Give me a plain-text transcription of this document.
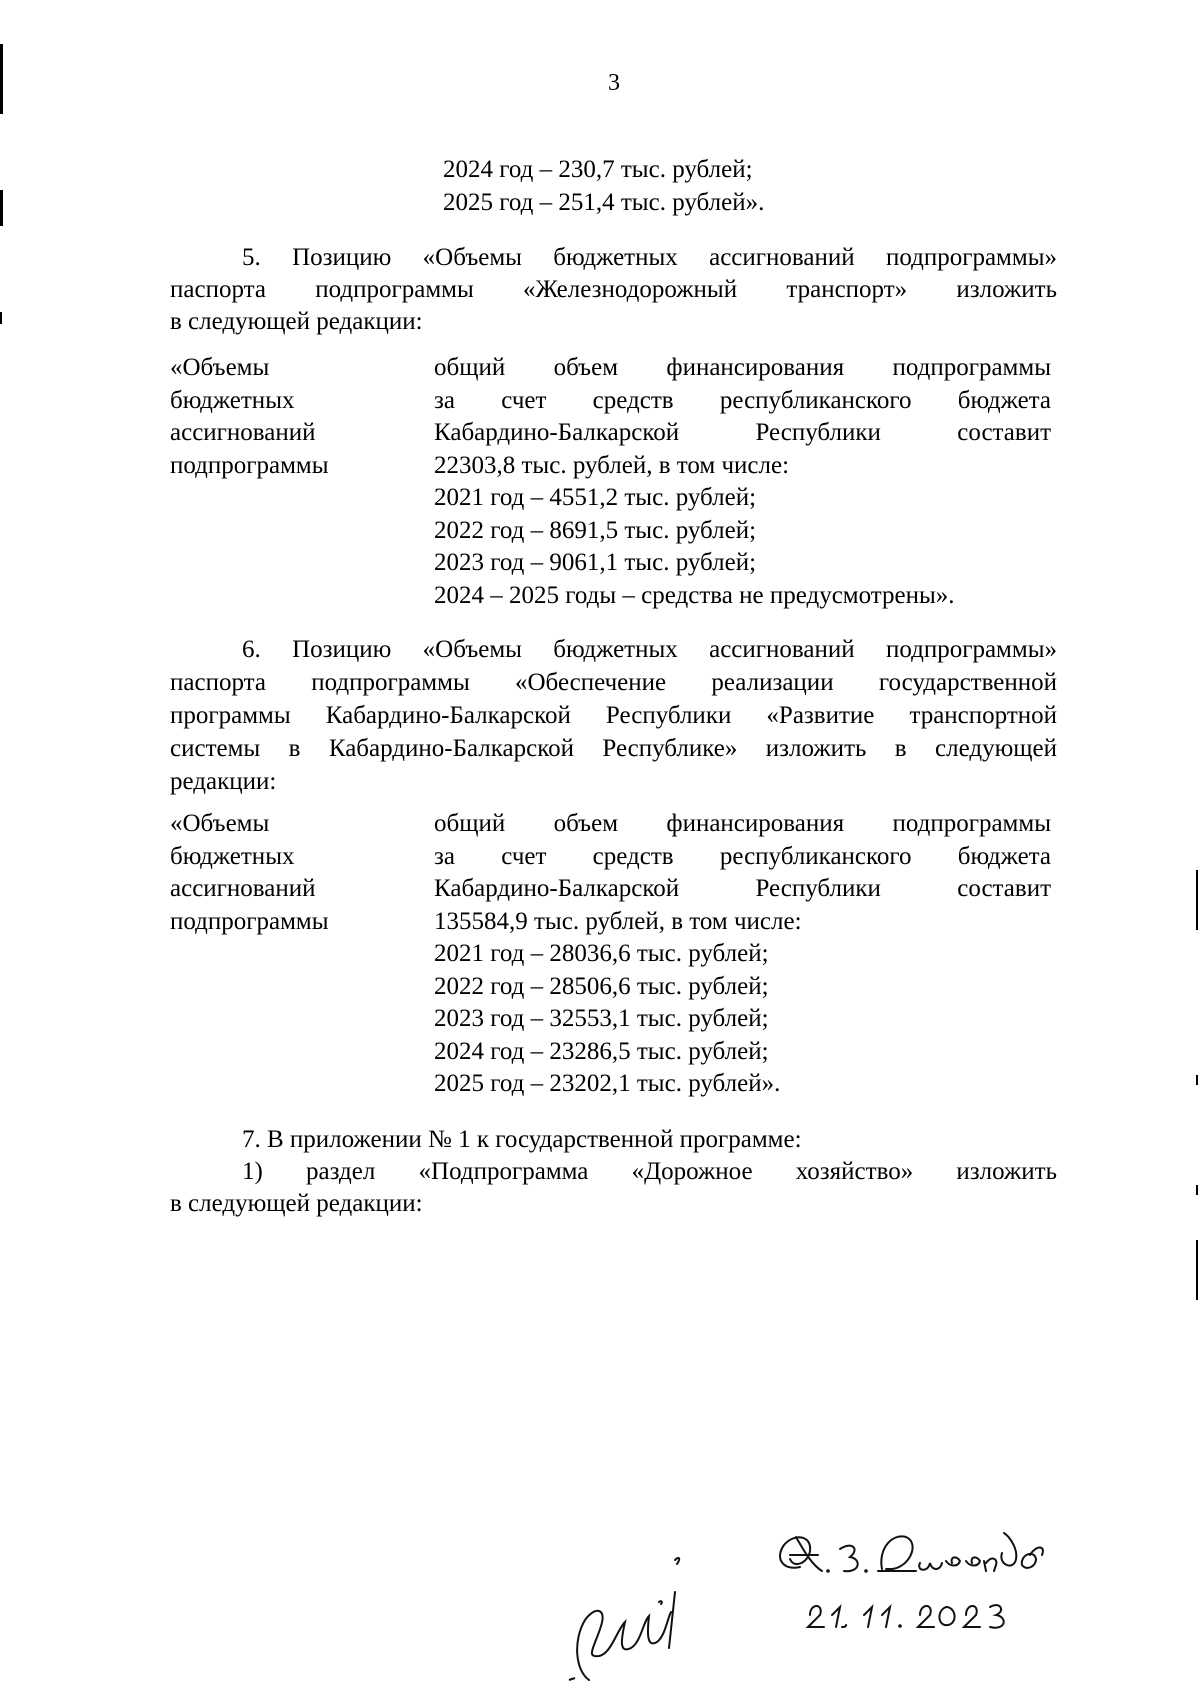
3
2024 год – 230,7 тыс. рублей;
2025 год – 251,4 тыс. рублей».
5. Позицию «Объемы бюджетных ассигнований подпрограммы»
паспорта подпрограммы «Железнодорожный транспорт» изложить
в следующей редакции:
«Объемы
бюджетных
ассигнований
подпрограммы
общий объем финансирования подпрограммы
за счет средств республиканского бюджета
Кабардино-Балкарской Республики составит
22303,8 тыс. рублей, в том числе:
2021 год – 4551,2 тыс. рублей;
2022 год – 8691,5 тыс. рублей;
2023 год – 9061,1 тыс. рублей;
2024 – 2025 годы – средства не предусмотрены».
6. Позицию «Объемы бюджетных ассигнований подпрограммы»
паспорта подпрограммы «Обеспечение реализации государственной
программы Кабардино-Балкарской Республики «Развитие транспортной
системы в Кабардино-Балкарской Республике» изложить в следующей
редакции:
«Объемы
бюджетных
ассигнований
подпрограммы
общий объем финансирования подпрограммы
за счет средств республиканского бюджета
Кабардино-Балкарской Республики составит
135584,9 тыс. рублей, в том числе:
2021 год – 28036,6 тыс. рублей;
2022 год – 28506,6 тыс. рублей;
2023 год – 32553,1 тыс. рублей;
2024 год – 23286,5 тыс. рублей;
2025 год – 23202,1 тыс. рублей».
7. В приложении № 1 к государственной программе:
1) раздел «Подпрограмма «Дорожное хозяйство» изложить
в следующей редакции:
